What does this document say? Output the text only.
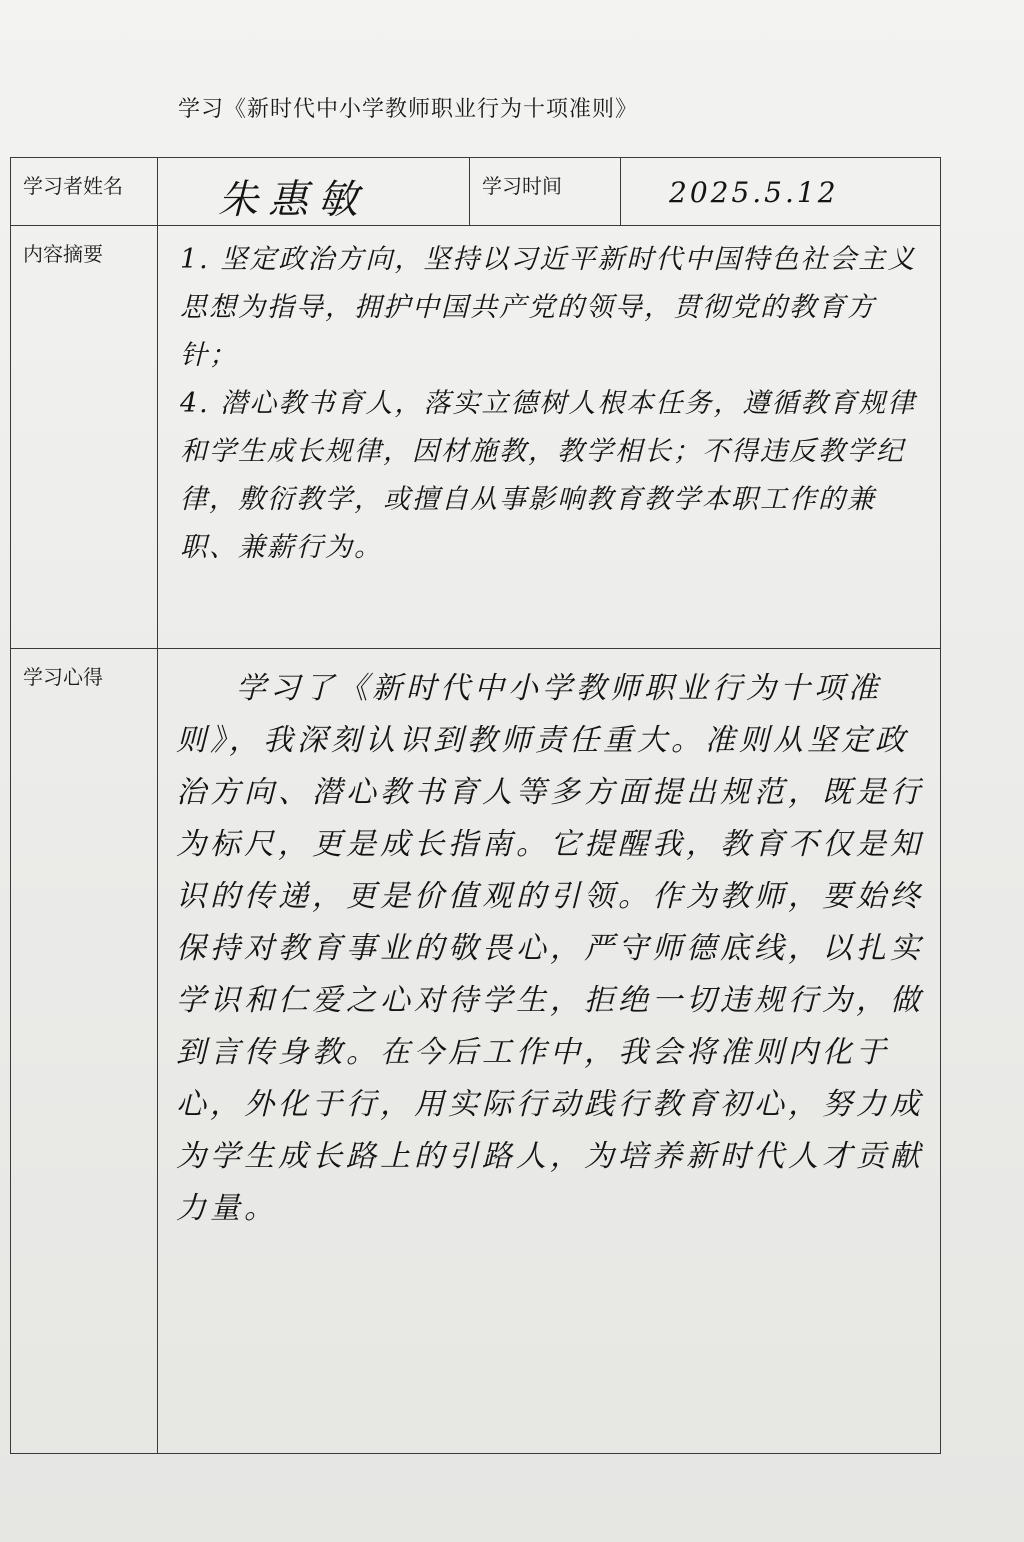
学习《新时代中小学教师职业行为十项准则》
学习者姓名	朱惠敏	学习时间	2025.5.12
内容摘要	1. 坚定政治方向，坚持以习近平新时代中国特色社会主义思想为指导，拥护中国共产党的领导，贯彻党的教育方针；

4. 潜心教书育人，落实立德树人根本任务，遵循教育规律和学生成长规律，因材施教，教学相长；不得违反教学纪律，敷衍教学，或擅自从事影响教育教学本职工作的兼职、兼薪行为。		

学习心得	学习了《新时代中小学教师职业行为十项准则》，我深刻认识到教师责任重大。准则从坚定政治方向、潜心教书育人等多方面提出规范，既是行为标尺，更是成长指南。它提醒我，教育不仅是知识的传递，更是价值观的引领。作为教师，要始终保持对教育事业的敬畏心，严守师德底线，以扎实学识和仁爱之心对待学生，拒绝一切违规行为，做到言传身教。在今后工作中，我会将准则内化于心，外化于行，用实际行动践行教育初心，努力成为学生成长路上的引路人，为培养新时代人才贡献力量。		
